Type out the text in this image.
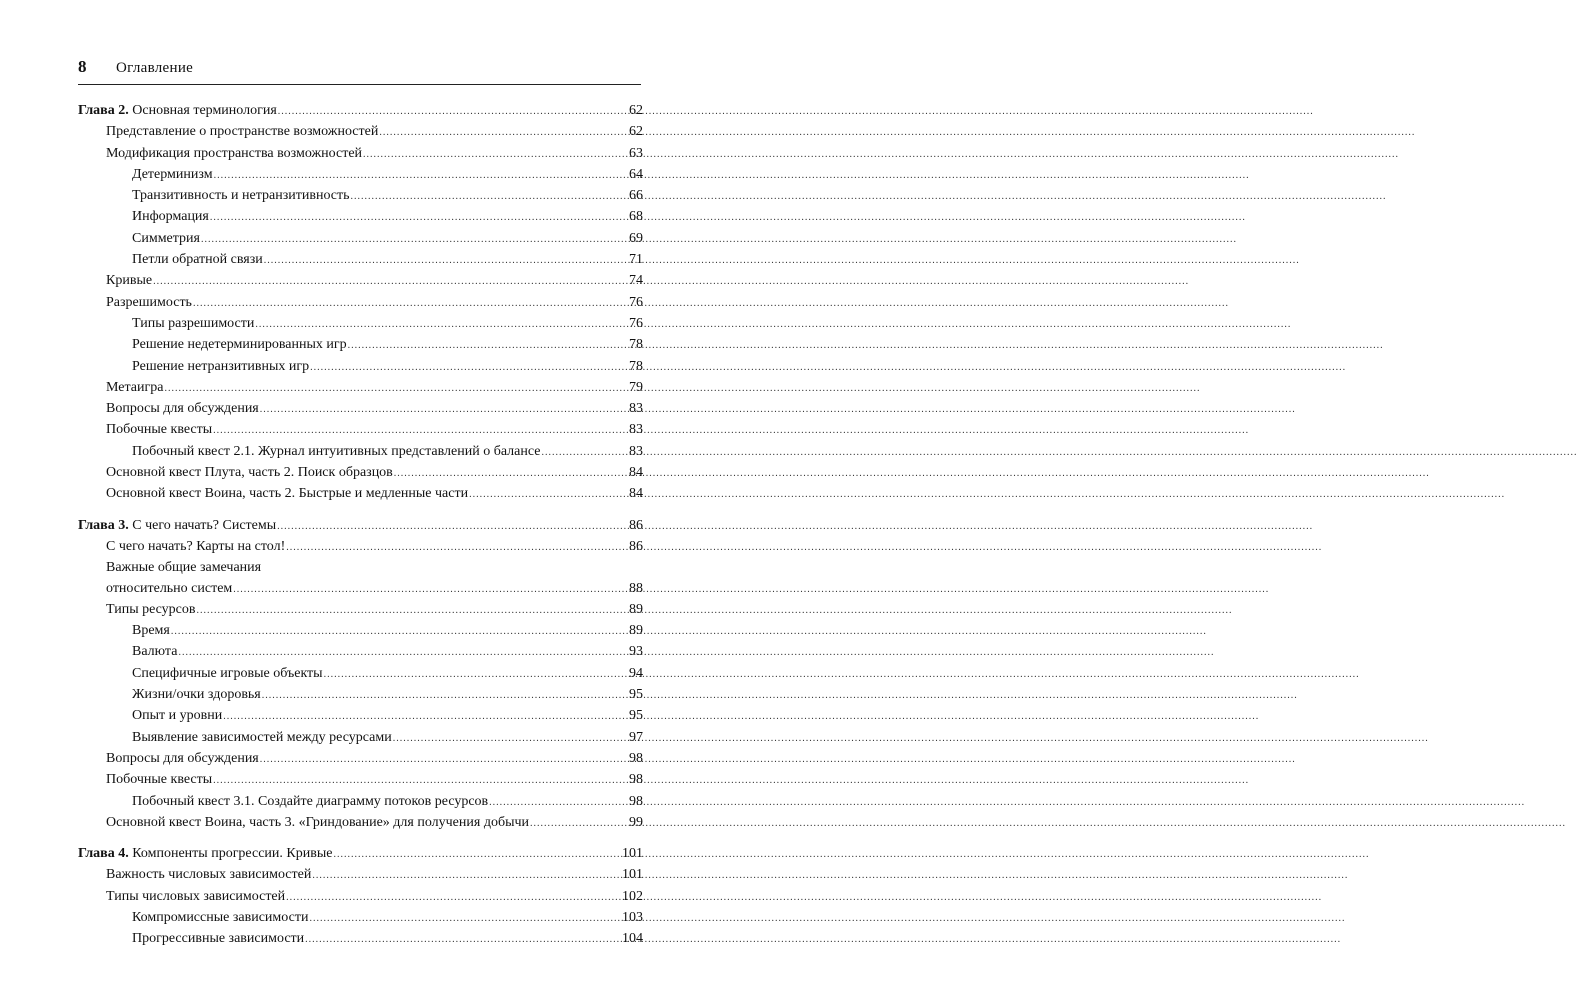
8 Оглавление
Глава 2. Основная терминология .....	62
Представление о пространстве возможностей .....	62
Модификация пространства возможностей .....	63
Детерминизм .....	64
Транзитивность и нетранзитивность .....	66
Информация .....	68
Симметрия .....	69
Петли обратной связи .....	71
Кривые .....	74
Разрешимость .....	76
Типы разрешимости .....	76
Решение недетерминированных игр .....	78
Решение нетранзитивных игр .....	78
Метаигра .....	79
Вопросы для обсуждения .....	83
Побочные квесты .....	83
Побочный квест 2.1. Журнал интуитивных представлений о балансе .....	83
Основной квест Плута, часть 2. Поиск образцов .....	84
Основной квест Воина, часть 2. Быстрые и медленные части .....	84
Глава 3. С чего начать? Системы .....	86
С чего начать? Карты на стол! .....	86
Важные общие замечания
относительно систем .....	88
Типы ресурсов .....	89
Время .....	89
Валюта .....	93
Специфичные игровые объекты .....	94
Жизни/очки здоровья .....	95
Опыт и уровни .....	95
Выявление зависимостей между ресурсами .....	97
Вопросы для обсуждения .....	98
Побочные квесты .....	98
Побочный квест 3.1. Создайте диаграмму потоков ресурсов .....	98
Основной квест Воина, часть 3. «Гриндование» для получения добычи .....	99
Глава 4. Компоненты прогрессии. Кривые .....	101
Важность числовых зависимостей .....	101
Типы числовых зависимостей .....	102
Компромиссные зависимости .....	103
Прогрессивные зависимости .....	104
